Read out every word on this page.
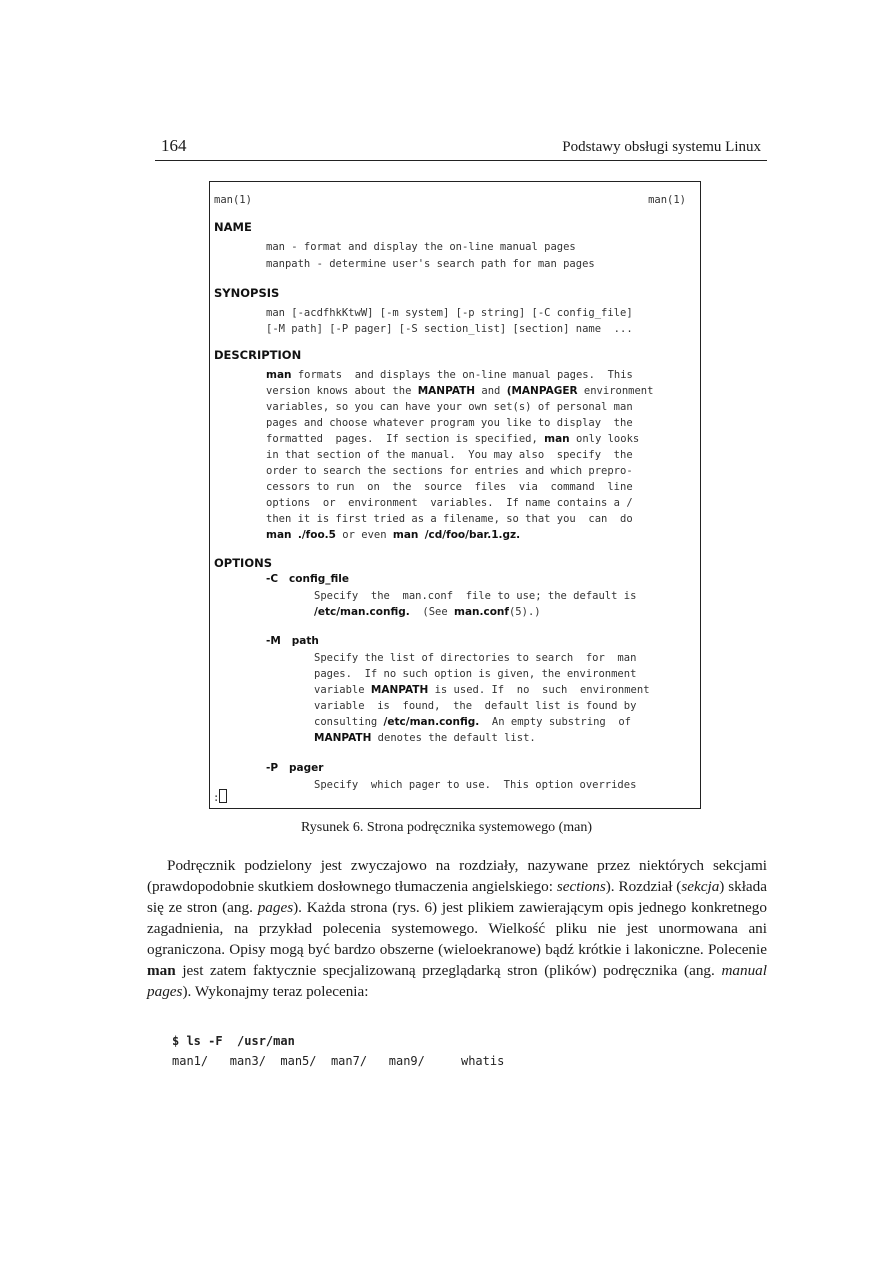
164	Podstawy obsługi systemu Linux
man(1)	man(1)
NAME
man - format and display the on-line manual pages
manpath - determine user's search path for man pages
SYNOPSIS
man [-acdfhkKtwW] [-m system] [-p string] [-C config_file]
[-M path] [-P pager] [-S section_list] [section] name  ...
DESCRIPTION
man formats  and displays the on-line manual pages.  This
version knows about the MANPATH and (MANPAGER environment
variables, so you can have your own set(s) of personal man
pages and choose whatever program you like to display  the
formatted  pages.  If section is specified, man only looks
in that section of the manual.  You may also  specify  the
order to search the sections for entries and which prepro-
cessors to run  on  the  source  files  via  command  line
options  or  environment  variables.  If name contains a /
then it is first tried as a filename, so that you  can  do
man ./foo.5 or even man /cd/foo/bar.1.gz.
OPTIONS
-C config_file
Specify  the  man.conf  file to use; the default is
/etc/man.config.  (See man.conf(5).)
-M path
Specify the list of directories to search  for  man
pages.  If no such option is given, the environment
variable MANPATH is used. If  no  such  environment
variable  is  found,  the  default list is found by
consulting /etc/man.config.  An empty substring  of
MANPATH denotes the default list.
-P pager
Specify  which pager to use.  This option overrides
:
Rysunek 6. Strona podręcznika systemowego (man)

Podręcznik podzielony jest zwyczajowo na rozdziały, nazywane przez niektórych sekcjami (prawdopodobnie skutkiem dosłownego tłumaczenia angielskiego: sections). Rozdział (sekcja) składa się ze stron (ang. pages). Każda strona (rys. 6) jest plikiem zawierającym opis jednego konkretnego zagadnienia, na przykład polecenia systemowego. Wielkość pliku nie jest unormowana ani ograniczona. Opisy mogą być bardzo obszerne (wieloekranowe) bądź krótkie i lakoniczne. Polecenie man jest zatem faktycznie specjalizowaną przeglądarką stron (plików) podręcznika (ang. manual pages). Wykonajmy teraz polecenia:

$ ls -F  /usr/man
man1/   man3/  man5/  man7/   man9/     whatis
